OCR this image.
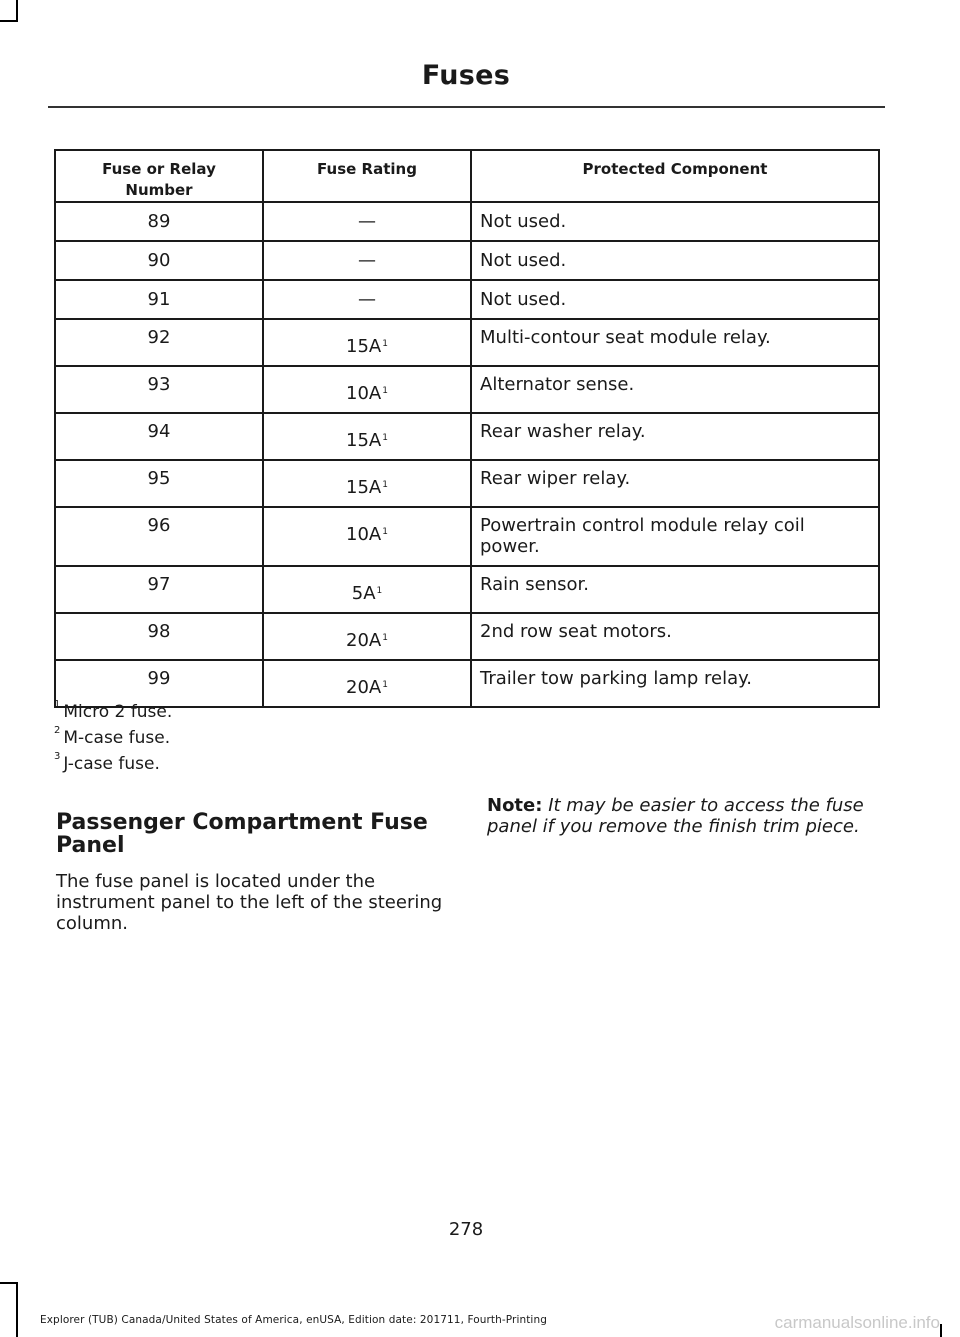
Fuses
Fuse or Relay Number	Fuse Rating	Protected Component
89	—	Not used.
90	—	Not used.
91	—	Not used.
92	15A$^1$	Multi-contour seat module relay.
93	10A$^1$	Alternator sense.
94	15A$^1$	Rear washer relay.
95	15A$^1$	Rear wiper relay.
96	10A$^1$	Powertrain control module relay coil power.
97	5A$^1$	Rain sensor.
98	20A$^1$	2nd row seat motors.
99	20A$^1$	Trailer tow parking lamp relay.
$^1$ Micro 2 fuse.
$^2$ M-case fuse.
$^3$ J-case fuse.
Passenger Compartment Fuse Panel
The fuse panel is located under the instrument panel to the left of the steering column.
Note: It may be easier to access the fuse panel if you remove the finish trim piece.
278
Explorer (TUB) Canada/United States of America, enUSA, Edition date: 201711, Fourth-Printing	carmanualsonline.info
